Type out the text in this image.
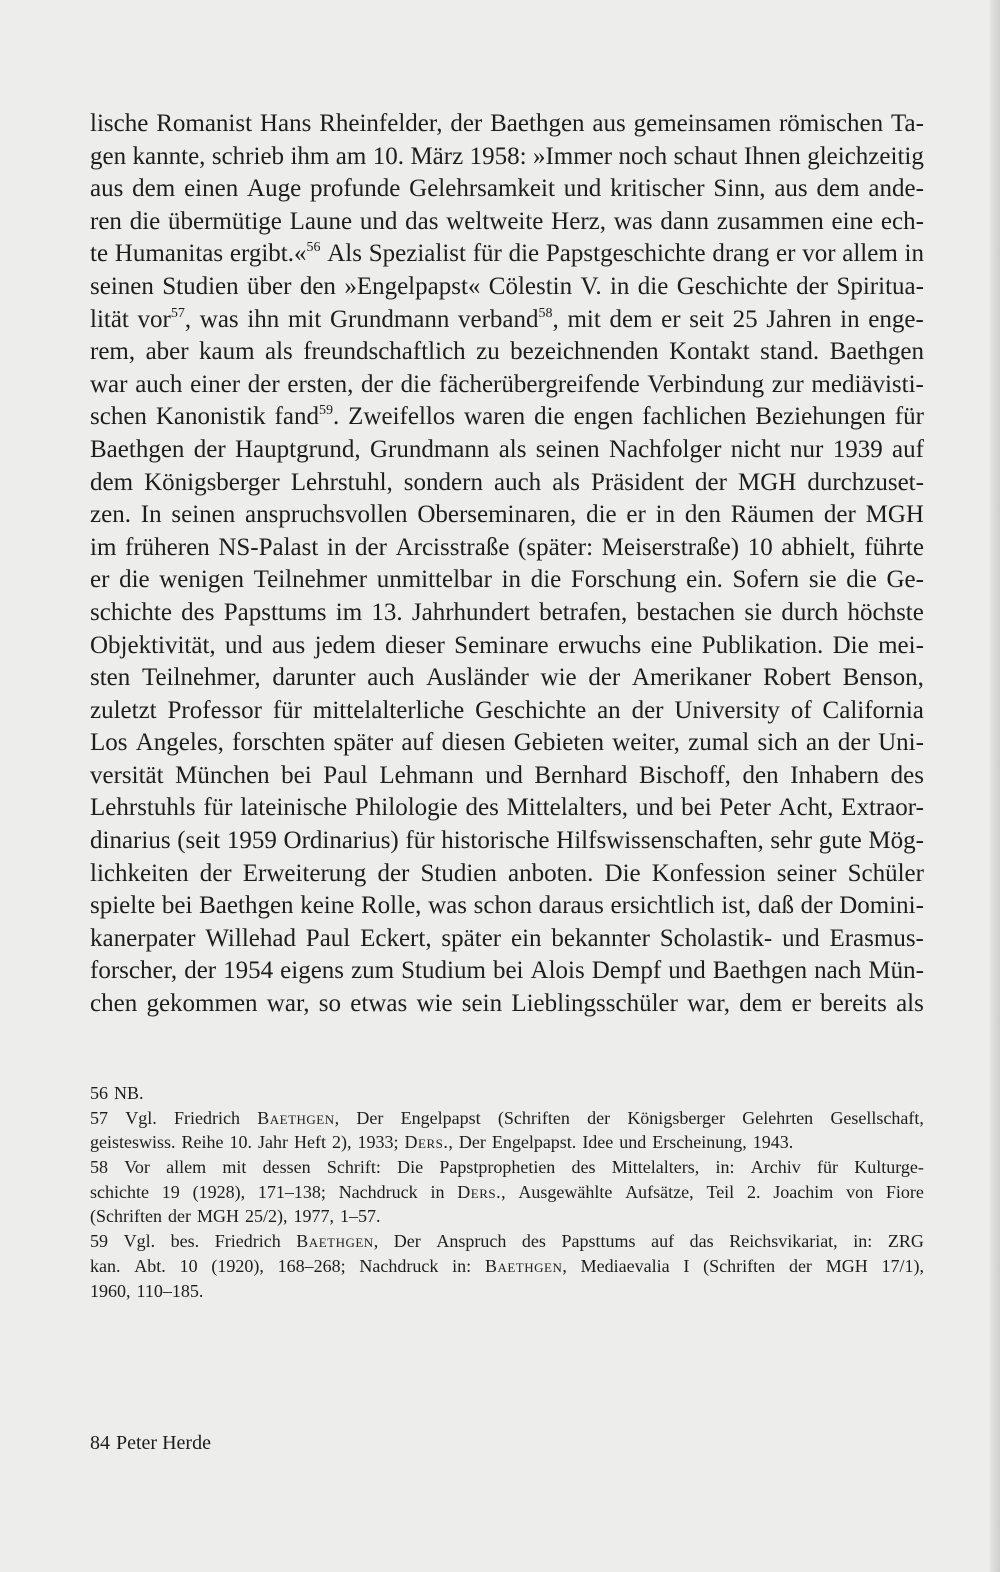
lische Romanist Hans Rheinfelder, der Baethgen aus gemeinsamen römischen Ta-
gen kannte, schrieb ihm am 10. März 1958: »Immer noch schaut Ihnen gleichzeitig
aus dem einen Auge profunde Gelehrsamkeit und kritischer Sinn, aus dem ande-
ren die übermütige Laune und das weltweite Herz, was dann zusammen eine ech-
te Humanitas ergibt.«$^{56}$ Als Spezialist für die Papstgeschichte drang er vor allem in
seinen Studien über den »Engelpapst« Cölestin V. in die Geschichte der Spiritua-
lität vor$^{57}$, was ihn mit Grundmann verband$^{58}$, mit dem er seit 25 Jahren in enge-
rem, aber kaum als freundschaftlich zu bezeichnenden Kontakt stand. Baethgen
war auch einer der ersten, der die fächerübergreifende Verbindung zur mediävisti-
schen Kanonistik fand$^{59}$. Zweifellos waren die engen fachlichen Beziehungen für
Baethgen der Hauptgrund, Grundmann als seinen Nachfolger nicht nur 1939 auf
dem Königsberger Lehrstuhl, sondern auch als Präsident der MGH durchzuset-
zen. In seinen anspruchsvollen Oberseminaren, die er in den Räumen der MGH
im früheren NS-Palast in der Arcisstraße (später: Meiserstraße) 10 abhielt, führte
er die wenigen Teilnehmer unmittelbar in die Forschung ein. Sofern sie die Ge-
schichte des Papsttums im 13. Jahrhundert betrafen, bestachen sie durch höchste
Objektivität, und aus jedem dieser Seminare erwuchs eine Publikation. Die mei-
sten Teilnehmer, darunter auch Ausländer wie der Amerikaner Robert Benson,
zuletzt Professor für mittelalterliche Geschichte an der University of California
Los Angeles, forschten später auf diesen Gebieten weiter, zumal sich an der Uni-
versität München bei Paul Lehmann und Bernhard Bischoff, den Inhabern des
Lehrstuhls für lateinische Philologie des Mittelalters, und bei Peter Acht, Extraor-
dinarius (seit 1959 Ordinarius) für historische Hilfswissenschaften, sehr gute Mög-
lichkeiten der Erweiterung der Studien anboten. Die Konfession seiner Schüler
spielte bei Baethgen keine Rolle, was schon daraus ersichtlich ist, daß der Domini-
kanerpater Willehad Paul Eckert, später ein bekannter Scholastik- und Erasmus-
forscher, der 1954 eigens zum Studium bei Alois Dempf und Baethgen nach Mün-
chen gekommen war, so etwas wie sein Lieblingsschüler war, dem er bereits als
56 NB.
57 Vgl. Friedrich Baethgen, Der Engelpapst (Schriften der Königsberger Gelehrten Gesellschaft,
geisteswiss. Reihe 10. Jahr Heft 2), 1933; Ders., Der Engelpapst. Idee und Erscheinung, 1943.
58 Vor allem mit dessen Schrift: Die Papstprophetien des Mittelalters, in: Archiv für Kulturge-
schichte 19 (1928), 171–138; Nachdruck in Ders., Ausgewählte Aufsätze, Teil 2. Joachim von Fiore
(Schriften der MGH 25/2), 1977, 1–57.
59 Vgl. bes. Friedrich Baethgen, Der Anspruch des Papsttums auf das Reichsvikariat, in: ZRG
kan. Abt. 10 (1920), 168–268; Nachdruck in: Baethgen, Mediaevalia I (Schriften der MGH 17/1),
1960, 110–185.
84 Peter Herde
